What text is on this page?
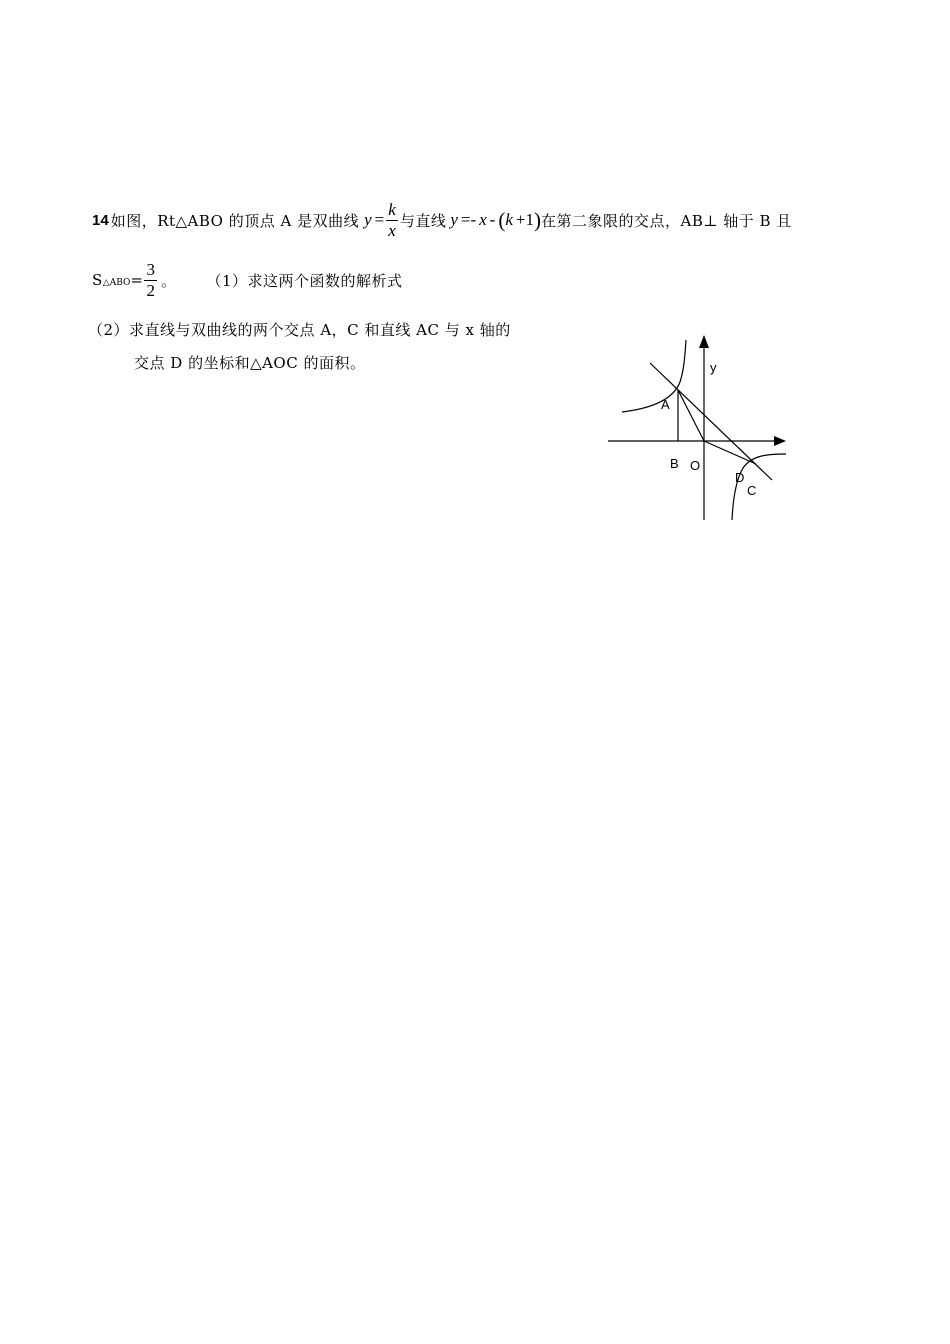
14 如图，Rt△ABO 的顶点 A 是双曲线 $y = \frac{k}{x}$ 与直线 y =- x - ( k +1 ) 在第二象限的交点，AB⊥ 轴于 B 且
S △ABO = $\frac{3}{2}$ 。 （1）求这两个函数的解析式
（2）求直线与双曲线的两个交点 A，C 和直线 AC 与 x 轴的
交点 D 的坐标和△AOC 的面积。	y
A
B O
D
C
